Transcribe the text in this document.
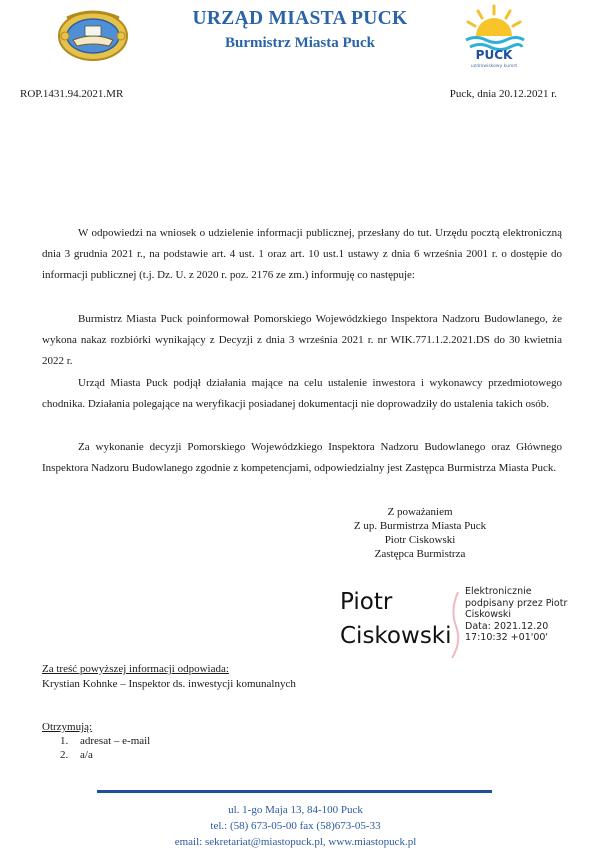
URZĄD MIASTA PUCK
Burmistrz Miasta Puck
PUCK
uzdrowiskowy kurort
ROP.1431.94.2021.MR	Puck, dnia 20.12.2021 r.
W odpowiedzi na wniosek o udzielenie informacji publicznej, przesłany do tut. Urzędu pocztą elektroniczną dnia 3 grudnia 2021 r., na podstawie art. 4 ust. 1 oraz art. 10 ust.1 ustawy z dnia 6 września 2001 r. o dostępie do informacji publicznej (t.j. Dz. U. z 2020 r. poz. 2176 ze zm.) informuję co następuje:
Burmistrz Miasta Puck poinformował Pomorskiego Wojewódzkiego Inspektora Nadzoru Budowlanego, że wykona nakaz rozbiórki wynikający z Decyzji z dnia 3 września 2021 r. nr WIK.771.1.2.2021.DS do 30 kwietnia 2022 r.
Urząd Miasta Puck podjął działania mające na celu ustalenie inwestora i wykonawcy przedmiotowego chodnika. Działania polegające na weryfikacji posiadanej dokumentacji nie doprowadziły do ustalenia takich osób.
Za wykonanie decyzji Pomorskiego Wojewódzkiego Inspektora Nadzoru Budowlanego oraz Głównego Inspektora Nadzoru Budowlanego zgodnie z kompetencjami, odpowiedzialny jest Zastępca Burmistrza Miasta Puck.
Z poważaniem
Z up. Burmistrza Miasta Puck
Piotr Ciskowski
Zastępca Burmistrza
Piotr
Ciskowski
Elektronicznie
podpisany przez Piotr
Ciskowski
Data: 2021.12.20
17:10:32 +01'00'
Za treść powyższej informacji odpowiada:
Krystian Kohnke – Inspektor ds. inwestycji komunalnych
Otrzymują:
1. adresat – e-mail
2. a/a
ul. 1-go Maja 13, 84-100 Puck
tel.: (58) 673-05-00 fax (58)673-05-33
email: sekretariat@miastopuck.pl, www.miastopuck.pl
